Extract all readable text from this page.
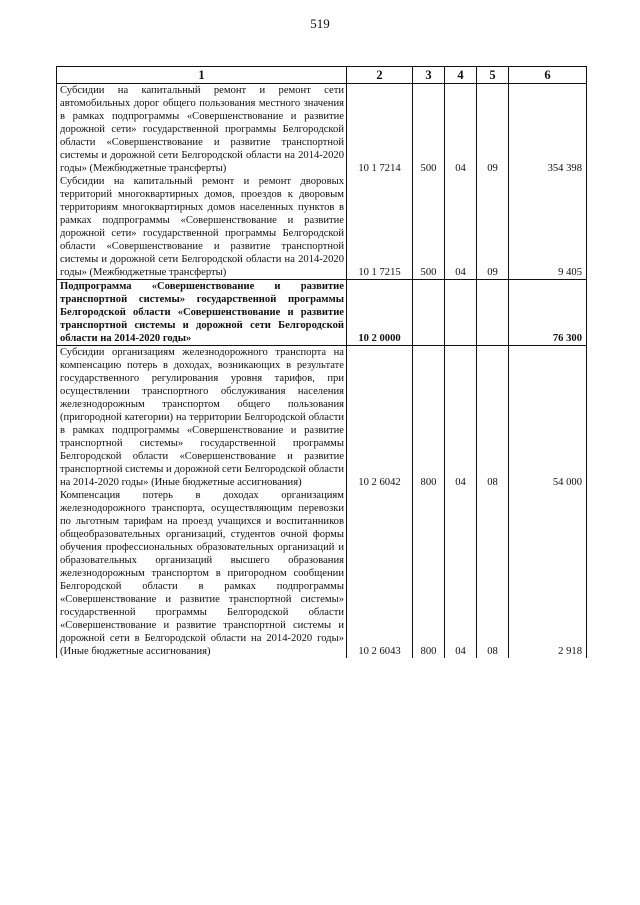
519
1	2	3	4	5	6

Субсидии на капитальный ремонт и ремонт сети автомобильных дорог общего пользования местного значения в рамках подпрограммы «Совершенствование и развитие дорожной сети» государственной программы Белгородской области «Совершенствование и развитие транспортной системы и дорожной сети Белгородской области на 2014-2020 годы» (Межбюджетные трансферты)	10 1 7214	500	04	09	354 398

Субсидии на капитальный ремонт и ремонт дворовых территорий многоквартирных домов, проездов к дворовым территориям многоквартирных домов населенных пунктов в рамках подпрограммы «Совершенствование и развитие дорожной сети» государственной программы Белгородской области «Совершенствование и развитие транспортной системы и дорожной сети Белгородской области на 2014-2020 годы» (Межбюджетные трансферты)	10 1 7215	500	04	09	9 405

Подпрограмма «Совершенствование и развитие транспортной системы» государственной программы Белгородской области «Совершенствование и развитие транспортной системы и дорожной сети Белгородской области на 2014-2020 годы»	10 2 0000				76 300

Субсидии организациям железнодорожного транспорта на компенсацию потерь в доходах, возникающих в результате государственного регулирования уровня тарифов, при осуществлении транспортного обслуживания населения железнодорожным транспортом общего пользования (пригородной категории) на территории Белгородской области в рамках подпрограммы «Совершенствование и развитие транспортной системы» государственной программы Белгородской области «Совершенствование и развитие транспортной системы и дорожной сети Белгородской области на 2014-2020 годы» (Иные бюджетные ассигнования)	10 2 6042	800	04	08	54 000

Компенсация потерь в доходах организациям железнодорожного транспорта, осуществляющим перевозки по льготным тарифам на проезд учащихся и воспитанников общеобразовательных организаций, студентов очной формы обучения профессиональных образовательных организаций и образовательных организаций высшего образования железнодорожным транспортом в пригородном сообщении Белгородской области в рамках подпрограммы «Совершенствование и развитие транспортной системы» государственной программы Белгородской области «Совершенствование и развитие транспортной системы и дорожной сети в Белгородской области на 2014-2020 годы» (Иные бюджетные ассигнования)	10 2 6043	800	04	08	2 918
